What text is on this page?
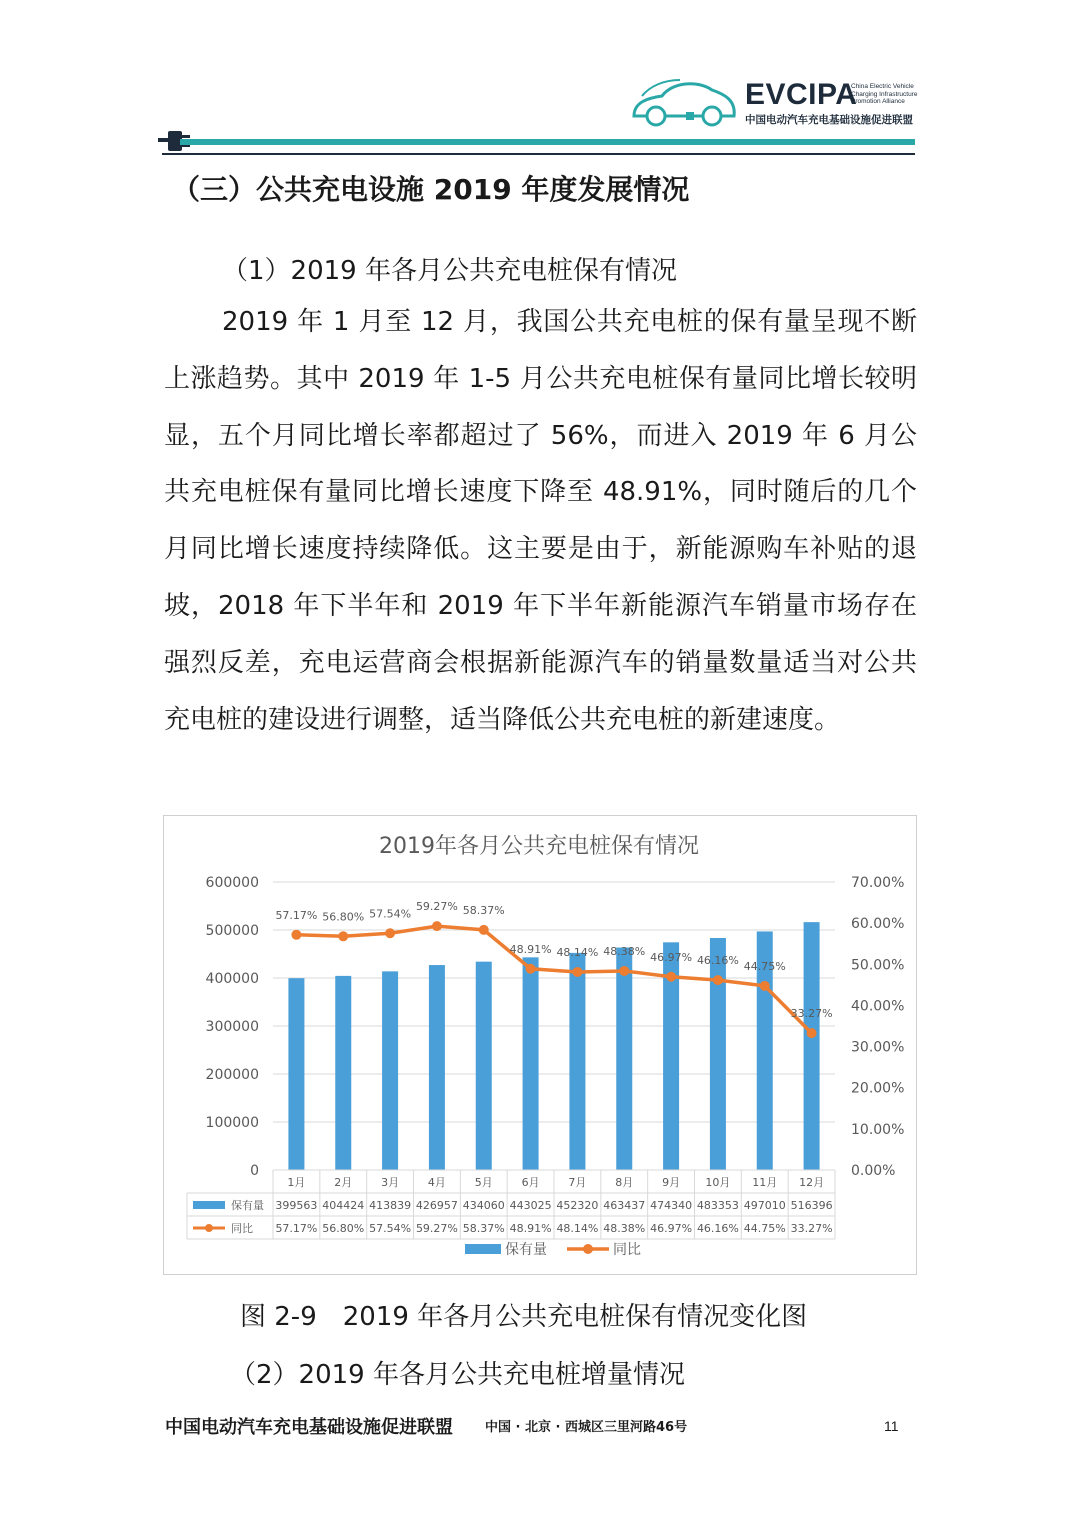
EVCIPA
China Electric Vehicle Charging Infrastructure Promotion Alliance
中国电动汽车充电基础设施促进联盟
（三）公共充电设施 2019 年度发展情况
（1）2019 年各月公共充电桩保有情况
2019 年 1 月至 12 月，我国公共充电桩的保有量呈现不断上涨趋势。其中 2019 年 1-5 月公共充电桩保有量同比增长较明显，五个月同比增长率都超过了 56%，而进入 2019 年 6 月公共充电桩保有量同比增长速度下降至 48.91%，同时随后的几个月同比增长速度持续降低。这主要是由于，新能源购车补贴的退坡，2018 年下半年和 2019 年下半年新能源汽车销量市场存在强烈反差，充电运营商会根据新能源汽车的销量数量适当对公共充电桩的建设进行调整，适当降低公共充电桩的新建速度。
2019年各月公共充电桩保有情况
57.17% 56.80% 57.54%
59.27% 58.37%
48.91% 48.14% 48.38% 46.97% 46.16% 44.75%
33.27%
0
100000
200000
300000
400000
500000
600000
0.00%
10.00%
20.00%
30.00%
40.00%
50.00%
60.00%
70.00%
1月	2月	3月	4月	5月	6月	7月	8月	9月 10月 11月 12月
保有量 399563 404424 413839 426957 434060 443025 452320 463437 474340 483353 497010 516396
同比 57.17% 56.80% 57.54% 59.27% 58.37% 48.91% 48.14% 48.38% 46.97% 46.16% 44.75% 33.27%
保有量	同比
图 2-9　2019 年各月公共充电桩保有情况变化图
（2）2019 年各月公共充电桩增量情况
中国电动汽车充电基础设施促进联盟 中国 · 北京 · 西城区三里河路46号	11
